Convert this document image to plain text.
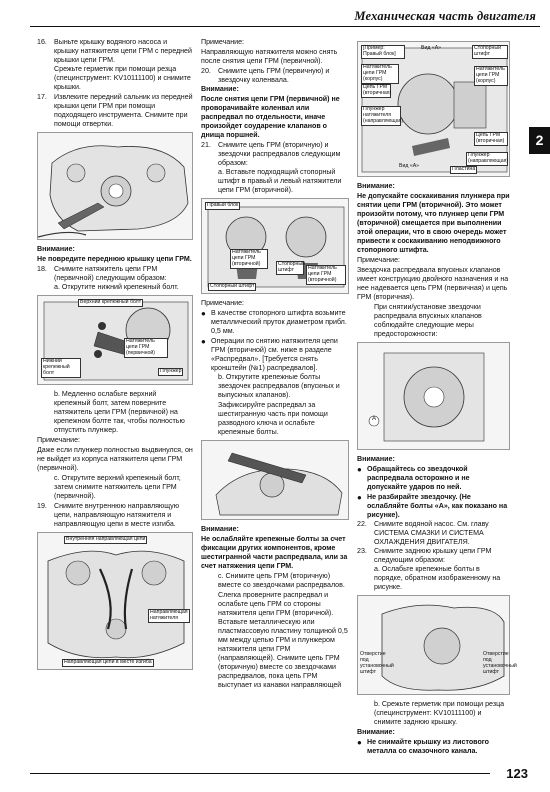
Механическая часть двигателя
2
16.	Выньте крышку водяного насоса и крышку натяжителя цепи ГРМ с передней крышки цепи ГРМ.

Срежьте герметик при помощи резца (специнструмент: KV10111100) и снимите крышки.

17.	Извлеките передний сальник из передней крышки цепи ГРМ при помощи подходящего инструмента. Снимите при помощи отвертки.

Внимание:

Не повредите переднюю крышку цепи ГРМ.

18.	Снимите натяжитель цепи ГРМ (первичной) следующим образом:

а. Открутите нижний крепежный болт.

Верхний крепежный болт
Натяжитель цепи ГРМ (первичной)
Нижний крепежный болт	Плунжер

b. Медленно ослабьте верхний крепежный болт, затем поверните натяжитель цепи ГРМ (первичной) на крепежном болте так, чтобы полностью отпустить плунжер.

Примечание:

Даже если плунжер полностью выдвинулся, он не выйдет из корпуса натяжителя цепи ГРМ (первичной).

с. Открутите верхний крепежный болт, затем снимите натяжитель цепи ГРМ (первичной).

19.	Снимите внутреннюю направляющую цепи, направляющую натяжителя и направляющую цепи в месте изгиба.
Внутренняя направляющая цепи
Направляющая натяжителя
Направляющая цепи в месте изгиба

Примечание:

Направляющую натяжителя можно снять после снятия цепи ГРМ (первичной).

20.	Снимите цепь ГРМ (первичную) и звездочку коленвала.

Внимание:

После снятия цепи ГРМ (первичной) не проворачивайте коленвал или распредвал по отдельности, иначе произойдет соударение клапанов о днища поршней.

21.	Снимите цепь ГРМ (вторичную) и звездочки распредвалов следующим образом:

а. Вставьте подходящий стопорный штифт в правый и левый натяжители цепи ГРМ (вторичной).

Правый блок
Натяжитель цепи ГРМ (вторичной)
Стопорный штифт
Натяжитель цепи ГРМ (вторичной)
Стопорный штифт

Примечание:

● В качестве стопорного штифта возьмите металлический пруток диаметром прибл. 0,5 мм.
● Операции по снятию натяжителя цепи ГРМ (вторичной) см. ниже в разделе «Распредвал». [Требуется снять кронштейн (№1) распредвалов].

b. Открутите крепежные болты звездочек распредвалов (впускных и выпускных клапанов).

Зафиксируйте распредвал за шестигранную часть при помощи разводного ключа и ослабьте крепежные болты.

Внимание:

Не ослабляйте крепежные болты за счет фиксации других компонентов, кроме шестигранной части распредвала, или за счет натяжения цепи ГРМ.

с. Снимите цепь ГРМ (вторичную) вместе со звездочками распредвалов.

Слегка проверните распредвал и ослабьте цепь ГРМ со стороны натяжителя цепи ГРМ (вторичной). Вставьте металлическую или пластмассовую пластину толщиной 0,5 мм между цепью ГРМ и плунжером натяжителя цепи ГРМ (направляющей). Снимите цепь ГРМ (вторичную) вместе со звездочками распредвалов, пока цепь ГРМ выступает из канавки направляющей

[Пример: Правый блок]
Натяжитель цепи ГРМ (корпус)
Цепь ГРМ (вторичная)
Вид «А»	Стопорный штифт
Натяжитель цепи ГРМ (корпус)
Плунжер натяжителя (направляющая)
Цепь ГРМ (вторичная)
Плунжер (направляющая)
Пластина
Вид «А»

Внимание:

Не допускайте соскакивания плунжера при снятии цепи ГРМ (вторичной). Это может произойти потому, что плунжер цепи ГРМ (вторичной) смещается при выполнении этой операции, что в свою очередь может привести к соскакиванию неподвижного стопорного штифта.

Примечание:

Звездочка распредвала впускных клапанов имеет конструкцию двойного назначения и на нее надевается цепь ГРМ (первичная) и цепь ГРМ (вторичная).

При снятии/установке звездочки распредвала впускных клапанов соблюдайте следующие меры предосторожности:

A

Внимание:

● Обращайтесь со звездочкой распредвала осторожно и не допускайте ударов по ней.
● Не разбирайте звездочку. (Не ослабляйте болты «А», как показано на рисунке).
22.	Снимите водяной насос. См. главу СИСТЕМА СМАЗКИ И СИСТЕМА ОХЛАЖДЕНИЯ ДВИГАТЕЛЯ.
23.	Снимите заднюю крышку цепи ГРМ следующим образом:

а. Ослабьте крепежные болты в порядке, обратном изображенному на рисунке.

Отверстие под установочный штифт
Отверстие под установочный штифт

b. Срежьте герметик при помощи резца (специнструмент: KV10111100) и снимите заднюю крышку.

Внимание:

● Не снимайте крышку из листового металла со смазочного канала.
123
